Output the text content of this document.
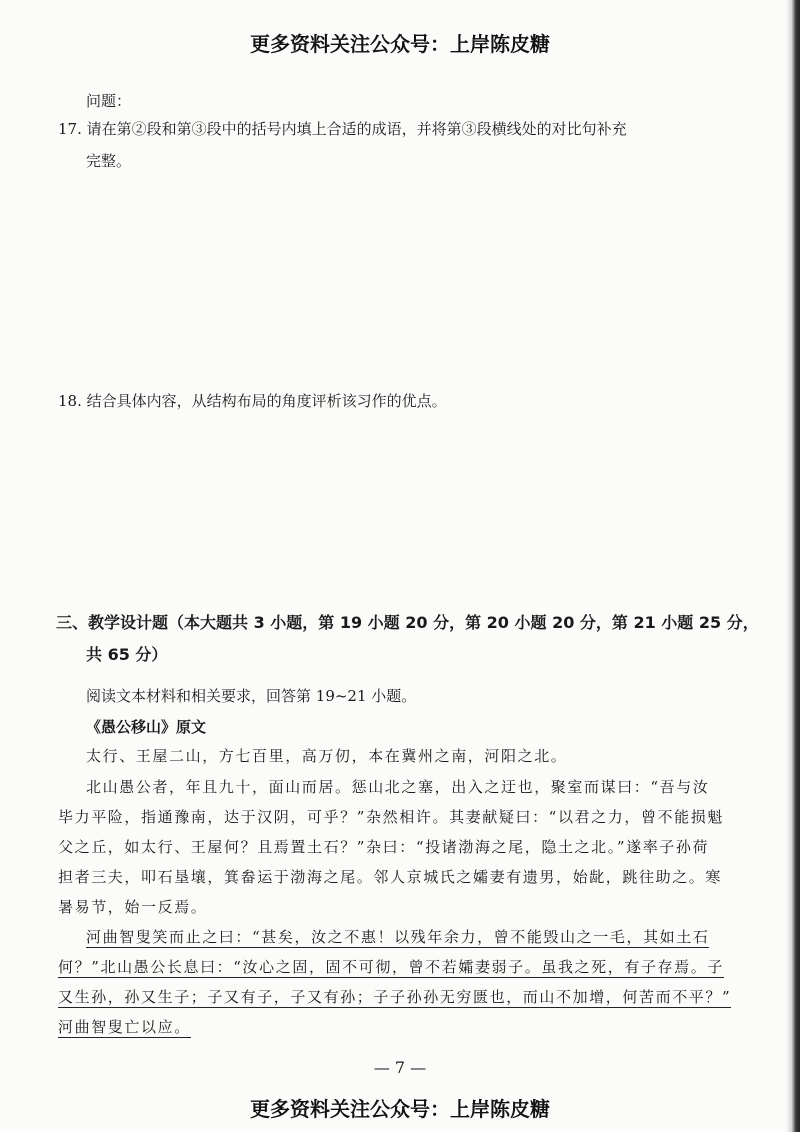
更多资料关注公众号：上岸陈皮糖
问题：
17. 请在第②段和第③段中的括号内填上合适的成语，并将第③段横线处的对比句补充
完整。
18. 结合具体内容，从结构布局的角度评析该习作的优点。
三、教学设计题（本大题共 3 小题，第 19 小题 20 分，第 20 小题 20 分，第 21 小题 25 分，
共 65 分）
阅读文本材料和相关要求，回答第 19~21 小题。
《愚公移山》原文
太行、王屋二山，方七百里，高万仞，本在冀州之南，河阳之北。
北山愚公者，年且九十，面山而居。惩山北之塞，出入之迂也，聚室而谋曰：“吾与汝
毕力平险，指通豫南，达于汉阴，可乎？”杂然相许。其妻献疑曰：“以君之力，曾不能损魁
父之丘，如太行、王屋何？且焉置土石？”杂曰：“投诸渤海之尾，隐土之北。”遂率子孙荷
担者三夫，叩石垦壤，箕畚运于渤海之尾。邻人京城氏之孀妻有遗男，始龀，跳往助之。寒
暑易节，始一反焉。
河曲智叟笑而止之曰：“甚矣，汝之不惠！以残年余力，曾不能毁山之一毛，其如土石
何？”北山愚公长息曰：“汝心之固，固不可彻，曾不若孀妻弱子。虽我之死，有子存焉。子
又生孙，孙又生子；子又有子，子又有孙；子子孙孙无穷匮也，而山不加增，何苦而不平？”
河曲智叟亡以应。
— 7 —
更多资料关注公众号：上岸陈皮糖
